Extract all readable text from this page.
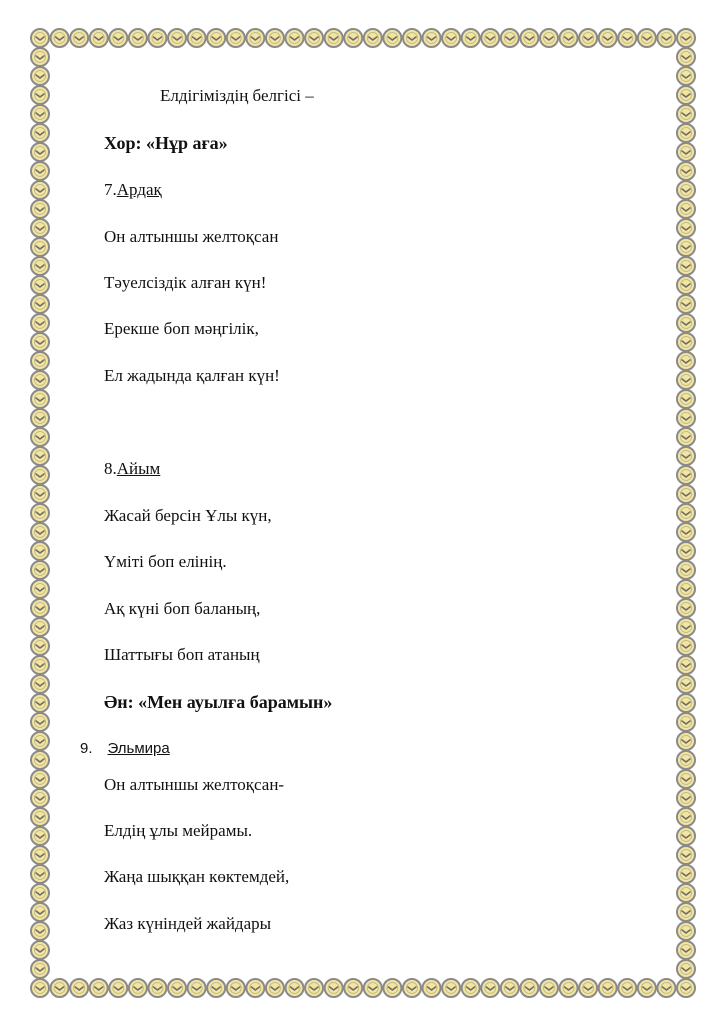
Елдігіміздің белгісі –

Хор: «Нұр аға»

7.Ардақ

Он алтыншы желтоқсан

Тәуелсіздік алған күн!

Ерекше боп мәңгілік,

Ел жадында қалған күн!

8.Айым

Жасай берсін Ұлы күн,

Үміті боп елінің.

Ақ күні боп баланың,

Шаттығы боп атаның

Ән: «Мен ауылға барамын»

9. Эльмира

Он алтыншы желтоқсан-

Елдің ұлы мейрамы.

Жаңа шыққан көктемдей,

Жаз күніндей жайдары
